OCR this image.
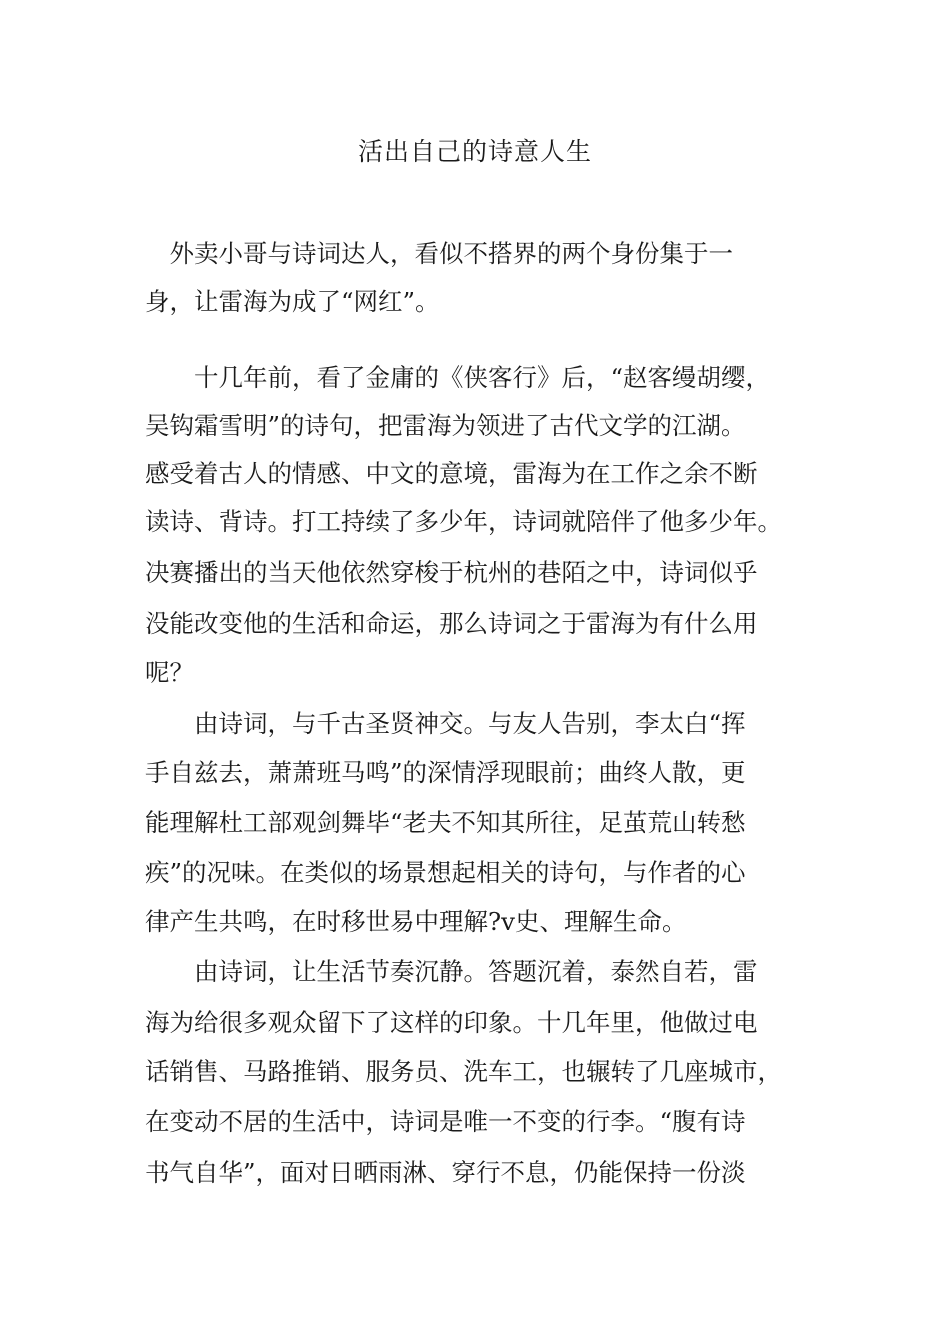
活出自己的诗意人生
　外卖小哥与诗词达人，看似不搭界的两个身份集于一
身，让雷海为成了“网红”。
　　十几年前，看了金庸的《侠客行》后，“赵客缦胡缨，
吴钩霜雪明”的诗句，把雷海为领进了古代文学的江湖。
感受着古人的情感、中文的意境，雷海为在工作之余不断
读诗、背诗。打工持续了多少年，诗词就陪伴了他多少年。
决赛播出的当天他依然穿梭于杭州的巷陌之中，诗词似乎
没能改变他的生活和命运，那么诗词之于雷海为有什么用
呢？
　　由诗词，与千古圣贤神交。与友人告别，李太白“挥
手自兹去，萧萧班马鸣”的深情浮现眼前；曲终人散，更
能理解杜工部观剑舞毕“老夫不知其所往，足茧荒山转愁
疾”的况味。在类似的场景想起相关的诗句，与作者的心
律产生共鸣，在时移世易中理解?v史、理解生命。
　　由诗词，让生活节奏沉静。答题沉着，泰然自若，雷
海为给很多观众留下了这样的印象。十几年里，他做过电
话销售、马路推销、服务员、洗车工，也辗转了几座城市，
在变动不居的生活中，诗词是唯一不变的行李。“腹有诗
书气自华”，面对日晒雨淋、穿行不息，仍能保持一份淡
